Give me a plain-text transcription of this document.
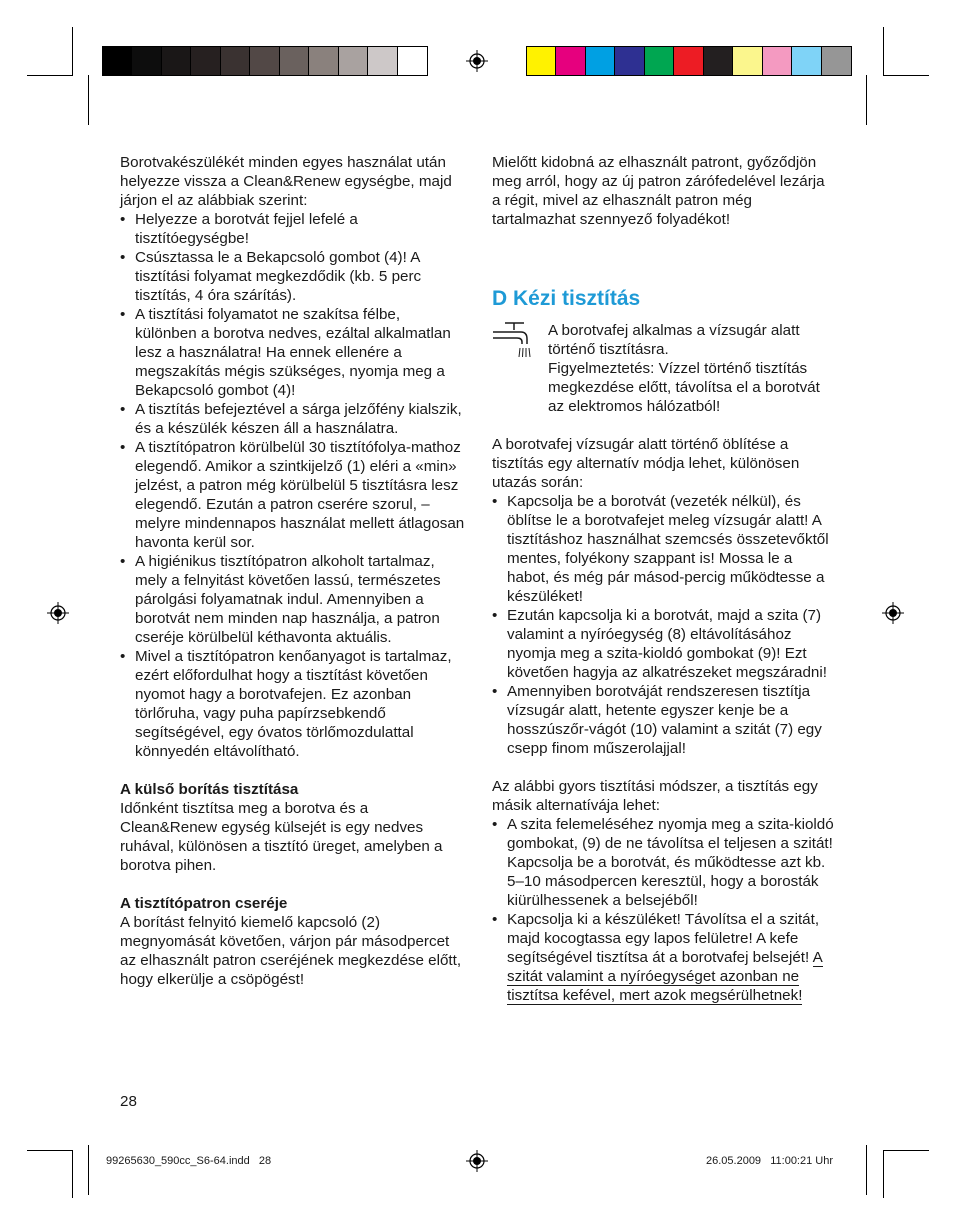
Borotvakészülékét minden egyes használat után helyezze vissza a Clean&Renew egységbe, majd járjon el az alábbiak szerint:

• Helyezze a borotvát fejjel lefelé a tisztítóegységbe!
• Csúsztassa le a Bekapcsoló gombot (4)! A tisztítási folyamat megkezdődik (kb. 5 perc tisztítás, 4 óra szárítás).
• A tisztítási folyamatot ne szakítsa félbe, különben a borotva nedves, ezáltal alkalmatlan lesz a használatra! Ha ennek ellenére a megszakítás mégis szükséges, nyomja meg a Bekapcsoló gombot (4)!
• A tisztítás befejeztével a sárga jelzőfény kialszik, és a készülék készen áll a használatra.
• A tisztítópatron körülbelül 30 tisztítófolya-mathoz elegendő. Amikor a szintkijelző (1) eléri a «min» jelzést, a patron még körülbelül 5 tisztításra lesz elegendő. Ezután a patron cserére szorul, – melyre mindennapos használat mellett átlagosan havonta kerül sor.
• A higiénikus tisztítópatron alkoholt tartalmaz, mely a felnyitást követően lassú, természetes párolgási folyamatnak indul. Amennyiben a borotvát nem minden nap használja, a patron cseréje körülbelül kéthavonta aktuális.
• Mivel a tisztítópatron kenőanyagot is tartalmaz, ezért előfordulhat hogy a tisztítást követően nyomot hagy a borotvafejen. Ez azonban törlőruha, vagy puha papírzsebkendő segítségével, egy óvatos törlőmozdulattal könnyedén eltávolítható.

A külső borítás tisztítása

Időnként tisztítsa meg a borotva és a Clean&Renew egység külsejét is egy nedves ruhával, különösen a tisztító üreget, amelyben a borotva pihen.

A tisztítópatron cseréje

A borítást felnyitó kiemelő kapcsoló (2) megnyomását követően, várjon pár másodpercet az elhasznált patron cseréjének megkezdése előtt, hogy elkerülje a csöpögést!

Mielőtt kidobná az elhasznált patront, győződjön meg arról, hogy az új patron zárófedelével lezárja a régit, mivel az elhasznált patron még tartalmazhat szennyező folyadékot!

D Kézi tisztítás

A borotvafej alkalmas a vízsugár alatt történő tisztításra.

Figyelmeztetés: Vízzel történő tisztítás megkezdése előtt, távolítsa el a borotvát az elektromos hálózatból!

A borotvafej vízsugár alatt történő öblítése a tisztítás egy alternatív módja lehet, különösen utazás során:

• Kapcsolja be a borotvát (vezeték nélkül), és öblítse le a borotvafejet meleg vízsugár alatt! A tisztításhoz használhat szemcsés összetevőktől mentes, folyékony szappant is! Mossa le a habot, és még pár másod-percig működtesse a készüléket!
• Ezután kapcsolja ki a borotvát, majd a szita (7) valamint a nyíróegység (8) eltávolításához nyomja meg a szita-kioldó gombokat (9)! Ezt követően hagyja az alkatrészeket megszáradni!
• Amennyiben borotváját rendszeresen tisztítja vízsugár alatt, hetente egyszer kenje be a hosszúszőr-vágót (10) valamint a szitát (7) egy csepp finom műszerolajjal!

Az alábbi gyors tisztítási módszer, a tisztítás egy másik alternatívája lehet:

• A szita felemeléséhez nyomja meg a szita-kioldó gombokat, (9) de ne távolítsa el teljesen a szitát! Kapcsolja be a borotvát, és működtesse azt kb. 5–10 másodpercen keresztül, hogy a borosták kiürülhessenek a belsejéből!
• Kapcsolja ki a készüléket! Távolítsa el a szitát, majd kocogtassa egy lapos felületre! A kefe segítségével tisztítsa át a borotvafej belsejét! A szitát valamint a nyíróegységet azonban ne tisztítsa kefével, mert azok megsérülhetnek!
28
99265630_590cc_S6-64.indd   28	26.05.2009   11:00:21 Uhr
